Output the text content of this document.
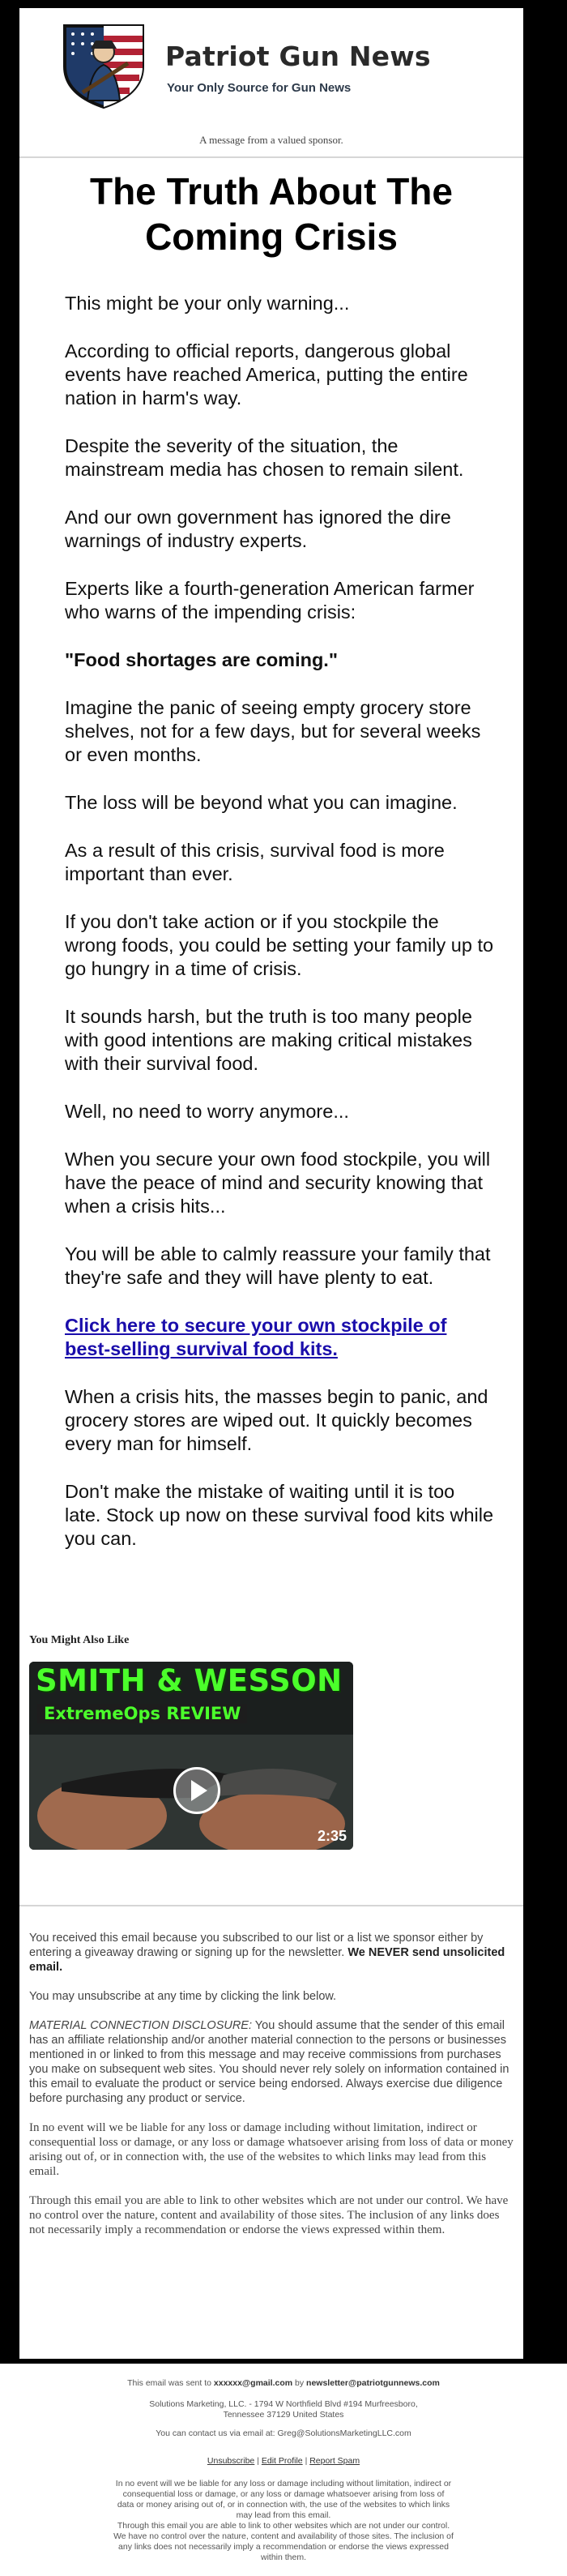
Patriot Gun News
Your Only Source for Gun News
A message from a valued sponsor.
The Truth About The Coming Crisis

This might be your only warning...

According to official reports, dangerous global events have reached America, putting the entire nation in harm's way.

Despite the severity of the situation, the mainstream media has chosen to remain silent.

And our own government has ignored the dire warnings of industry experts.

Experts like a fourth-generation American farmer who warns of the impending crisis:

"Food shortages are coming."

Imagine the panic of seeing empty grocery store shelves, not for a few days, but for several weeks or even months.

The loss will be beyond what you can imagine.

As a result of this crisis, survival food is more important than ever.

If you don't take action or if you stockpile the wrong foods, you could be setting your family up to go hungry in a time of crisis.

It sounds harsh, but the truth is too many people with good intentions are making critical mistakes with their survival food.

Well, no need to worry anymore...

When you secure your own food stockpile, you will have the peace of mind and security knowing that when a crisis hits...

You will be able to calmly reassure your family that they're safe and they will have plenty to eat.

Click here to secure your own stockpile of best-selling survival food kits.

When a crisis hits, the masses begin to panic, and grocery stores are wiped out. It quickly becomes every man for himself.

Don't make the mistake of waiting until it is too late. Stock up now on these survival food kits while you can.

You Might Also Like
SMITH & WESSON
ExtremeOps REVIEW
2:35

You received this email because you subscribed to our list or a list we sponsor either by entering a giveaway drawing or signing up for the newsletter. We NEVER send unsolicited email.

You may unsubscribe at any time by clicking the link below.

MATERIAL CONNECTION DISCLOSURE: You should assume that the sender of this email has an affiliate relationship and/or another material connection to the persons or businesses mentioned in or linked to from this message and may receive commissions from purchases you make on subsequent web sites. You should never rely solely on information contained in this email to evaluate the product or service being endorsed. Always exercise due diligence before purchasing any product or service.

In no event will we be liable for any loss or damage including without limitation, indirect or consequential loss or damage, or any loss or damage whatsoever arising from loss of data or money arising out of, or in connection with, the use of the websites to which links may lead from this email.

Through this email you are able to link to other websites which are not under our control. We have no control over the nature, content and availability of those sites. The inclusion of any links does not necessarily imply a recommendation or endorse the views expressed within them.

This email was sent to xxxxxx@gmail.com by newsletter@patriotgunnews.com
Solutions Marketing, LLC. - 1794 W Northfield Blvd #194 Murfreesboro, Tennessee 37129 United States
You can contact us via email at: Greg@SolutionsMarketingLLC.com
Unsubscribe | Edit Profile | Report Spam
In no event will we be liable for any loss or damage including without limitation, indirect or consequential loss or damage, or any loss or damage whatsoever arising from loss of data or money arising out of, or in connection with, the use of the websites to which links may lead from this email.
Through this email you are able to link to other websites which are not under our control. We have no control over the nature, content and availability of those sites. The inclusion of any links does not necessarily imply a recommendation or endorse the views expressed within them.
